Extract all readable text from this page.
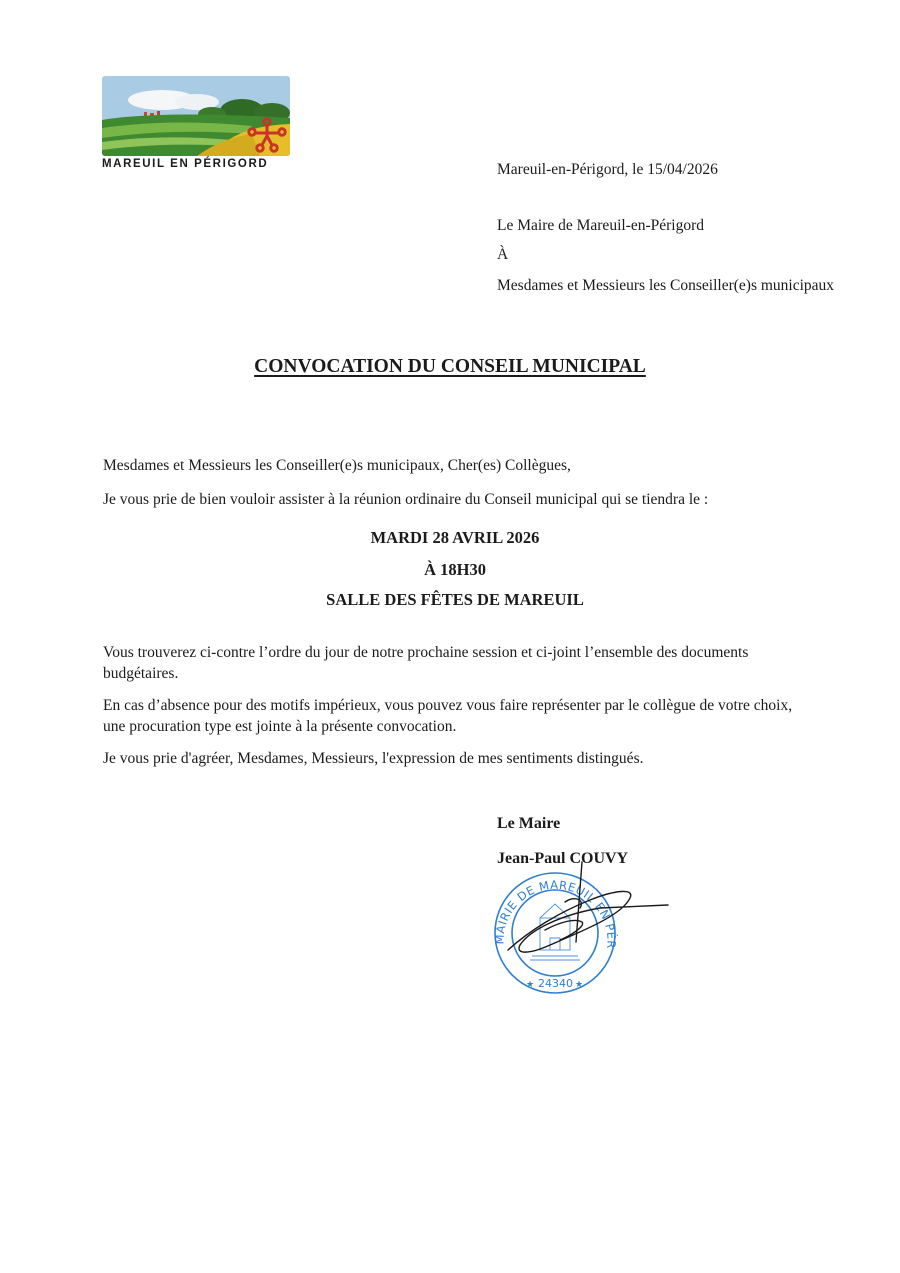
MAREUIL EN PÉRIGORD	Mareuil-en-Périgord, le 15/04/2026
Le Maire de Mareuil-en-Périgord
À
Mesdames et Messieurs les Conseiller(e)s municipaux
CONVOCATION DU CONSEIL MUNICIPAL
Mesdames et Messieurs les Conseiller(e)s municipaux, Cher(es) Collègues,
Je vous prie de bien vouloir assister à la réunion ordinaire du Conseil municipal qui se tiendra le :
MARDI 28 AVRIL 2026
À 18H30
SALLE DES FÊTES DE MAREUIL
Vous trouverez ci-contre l’ordre du jour de notre prochaine session et ci-joint l’ensemble des documents budgétaires.
En cas d’absence pour des motifs impérieux, vous pouvez vous faire représenter par le collègue de votre choix, une procuration type est jointe à la présente convocation.
Je vous prie d'agréer, Mesdames, Messieurs, l'expression de mes sentiments distingués.
Le Maire
Jean-Paul COUVY
MAIRIE DE MAREUIL EN PÉR
24340
★	★
